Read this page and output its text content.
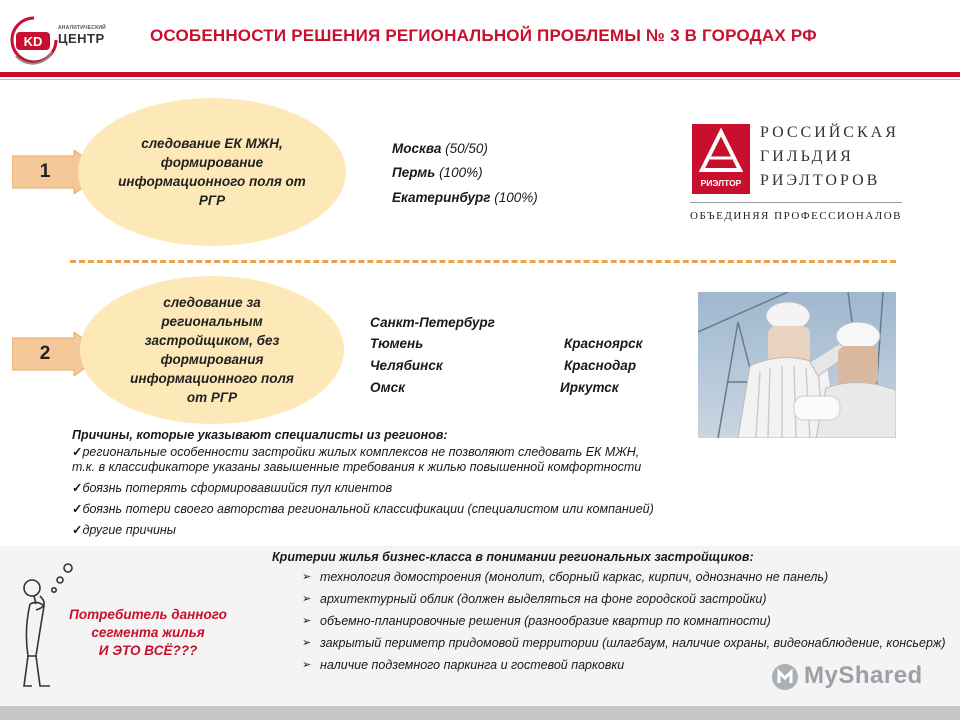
KD
АНАЛИТИЧЕСКИЙ
ЦЕНТР	ОСОБЕННОСТИ РЕШЕНИЯ РЕГИОНАЛЬНОЙ ПРОБЛЕМЫ № 3 В ГОРОДАХ РФ
1
следование ЕК МЖН, формирование информационного поля от РГР
Москва (50/50)
Пермь (100%)
Екатеринбург (100%)
РИЭЛТОР
РОССИЙСКАЯ
ГИЛЬДИЯ
РИЭЛТОРОВ
ОБЪЕДИНЯЯ ПРОФЕССИОНАЛОВ
2
следование за региональным застройщиком, без формирования информационного поля от РГР
Санкт-Петербург
Тюмень
Челябинск
Омск
Красноярск
Краснодар
Иркутск
Причины, которые указывают специалисты из регионов:
✓региональные особенности застройки жилых комплексов не позволяют следовать ЕК МЖН,
т.к. в классификаторе указаны завышенные требования к жилью повышенной комфортности
✓боязнь потерять сформировавшийся пул клиентов
✓боязнь потери своего авторства региональной классификации (специалистом или компанией)
✓другие причины
Потребитель данного
сегмента жилья
И ЭТО ВСЁ???
Критерии жилья бизнес-класса в понимании региональных застройщиков:
➢ технология домостроения (монолит, сборный каркас, кирпич, однозначно не панель)
➢ архитектурный облик (должен выделяться на фоне городской застройки)
➢ объемно-планировочные решения (разнообразие квартир по комнатности)
➢ закрытый периметр придомовой территории (шлагбаум, наличие охраны, видеонаблюдение, консьерж)
➢ наличие подземного паркинга и гостевой парковки	MyShared
